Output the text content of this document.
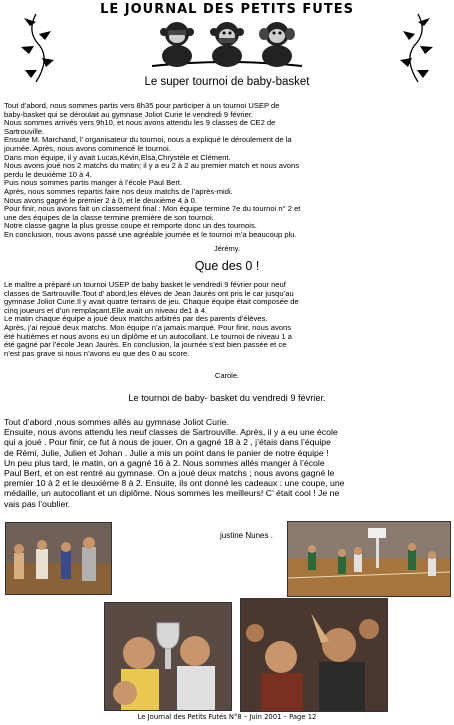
LE JOURNAL DES PETITS FUTES
Le super tournoi de baby-basket
Tout d’abord, nous sommes partis vers 8h35 pour participer à un tournoi USEP de
baby-basket qui se déroulait au gymnase Joliot Curie le vendredi 9 février.
Nous sommes arrivés vers 9h10, et nous avons attendu les 9 classes de CE2 de
Sartrouville.
Ensuite M. Marchand, l’ organisateur du tournoi, nous a expliqué le déroulement de la
journée. Après, nous avons commencé le tournoi.
Dans mon équipe, il y avait Lucas,Kévin,Elsa,Chrystèle et Clément.
Nous avons joué nos 2 matchs du matin; il y a eu 2 à 2 au premier match et nous avons
perdu le deuxième 10 à 4.
Puis nous sommes partis manger à l’école Paul Bert.
Après, nous sommes repartis faire nos deux matchs de l’après-midi.
Nous avons gagné le premier 2 à 0, et le deuxième 4 à 0.
Pour finir, nous avons fait un classement final : Mon équipe termine 7e du tournoi n° 2 et
une des équipes de la classe termine première de son tournoi.
Notre classe gagne la plus grosse coupe et remporte donc un des tournois.
En conclusion, nous avons passé une agréable journée et le tournoi m’a beaucoup plu.
Jérémy.
Que des 0 !
Le maître a préparé un tournoi USEP de baby basket le vendredi 9 février pour neuf
classes de Sartrouville.Tout d’ abord,les élèves de Jean Jaurès ont pris le car jusqu’au
gymnase Joliot Curie.Il y avait quatre terrains de jeu. Chaque équipe était composée de
cinq joueurs et d’un remplaçant.Elle avait un niveau de1 à 4.
Le matin chaque équipe a joué deux matchs arbitrés par des parents d’élèves.
Après, j’ai rejoué deux matchs. Mon équipe n’a jamais marqué. Pour finir, nous avons
été huitièmes et nous avons eu un diplôme et un autocollant. Le tournoi de niveau 1 a
été gagné par l’école Jean Jaurès. En conclusion, la journée s’est bien passée et ce
n’est pas grave si nous n’avons eu que des 0 au score.
Carole.
Le tournoi de baby- basket du vendredi 9 février.
Tout d’abord ,nous sommes allés au gymnase Joliot Curie.
Ensuite, nous avons attendu les neuf classes de Sartrouville. Après, il y a eu une école
qui a joué . Pour finir, ce fut à nous de jouer. On a gagné 18 à 2 , j’étais dans l’équipe
de Rémi, Julie, Julien et Johan . Julie a mis un point dans le panier de notre équipe !
Un peu plus tard, le matin, on a gagné 16 à 2. Nous sommes allés manger à l’école
Paul Bert, et on est rentré au gymnase. On a joué deux matchs ; nous avons gagné le
premier 10 à 2 et le deuxième 8 à 2. Ensuite, ils ont donné les cadeaux : une coupe, une
médaille, un autocollant et un diplôme. Nous sommes les meilleurs! C’ était cool ! Je ne
vais pas l’oublier.
justine Nunes .
Le Journal des Petits Futés N°8 – Juin 2001 – Page 12
